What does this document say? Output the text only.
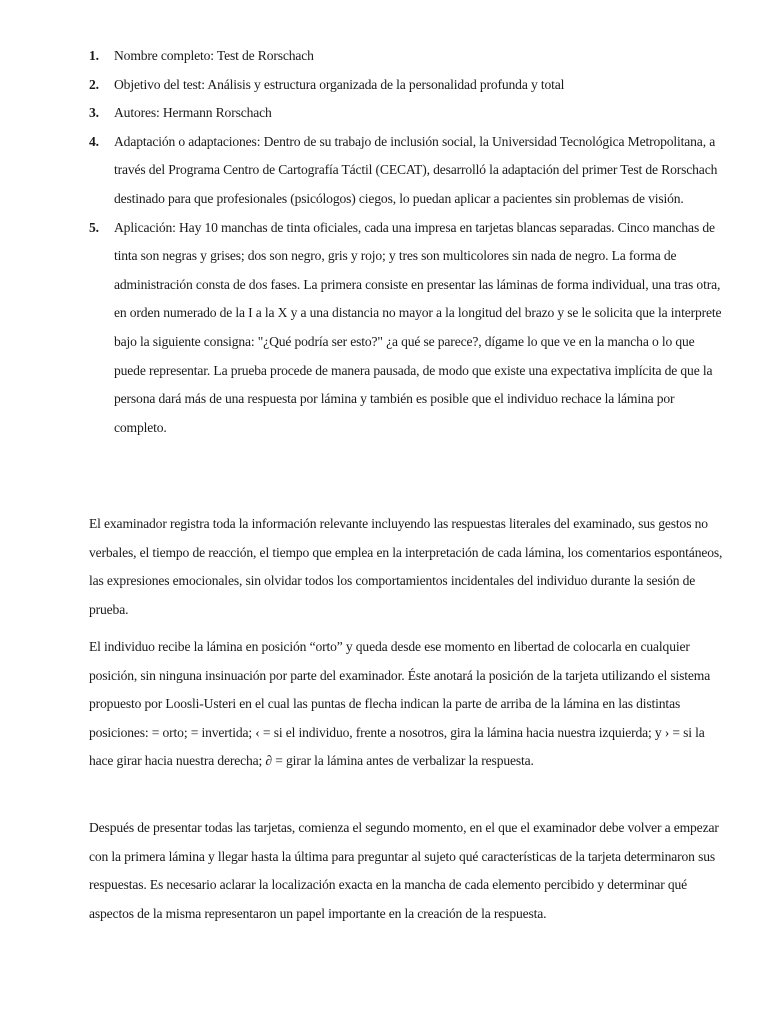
1. Nombre completo: Test de Rorschach
2. Objetivo del test: Análisis y estructura organizada de la personalidad profunda y total
3. Autores: Hermann Rorschach
4. Adaptación o adaptaciones: Dentro de su trabajo de inclusión social, la Universidad Tecnológica Metropolitana, a través del Programa Centro de Cartografía Táctil (CECAT), desarrolló la adaptación del primer Test de Rorschach destinado para que profesionales (psicólogos) ciegos, lo puedan aplicar a pacientes sin problemas de visión.
5. Aplicación: Hay 10 manchas de tinta oficiales, cada una impresa en tarjetas blancas separadas. Cinco manchas de tinta son negras y grises; dos son negro, gris y rojo; y tres son multicolores sin nada de negro. La forma de administración consta de dos fases. La primera consiste en presentar las láminas de forma individual, una tras otra, en orden numerado de la I a la X y a una distancia no mayor a la longitud del brazo y se le solicita que la interprete bajo la siguiente consigna: "¿Qué podría ser esto?" ¿a qué se parece?, dígame lo que ve en la mancha o lo que puede representar. La prueba procede de manera pausada, de modo que existe una expectativa implícita de que la persona dará más de una respuesta por lámina y también es posible que el individuo rechace la lámina por completo.

El examinador registra toda la información relevante incluyendo las respuestas literales del examinado, sus gestos no verbales, el tiempo de reacción, el tiempo que emplea en la interpretación de cada lámina, los comentarios espontáneos, las expresiones emocionales, sin olvidar todos los comportamientos incidentales del individuo durante la sesión de prueba.

El individuo recibe la lámina en posición “orto” y queda desde ese momento en libertad de colocarla en cualquier posición, sin ninguna insinuación por parte del examinador. Éste anotará la posición de la tarjeta utilizando el sistema propuesto por Loosli-Usteri en el cual las puntas de flecha indican la parte de arriba de la lámina en las distintas posiciones: = orto; = invertida; ‹ = si el individuo, frente a nosotros, gira la lámina hacia nuestra izquierda; y › = si la hace girar hacia nuestra derecha; ∂ = girar la lámina antes de verbalizar la respuesta.

Después de presentar todas las tarjetas, comienza el segundo momento, en el que el examinador debe volver a empezar con la primera lámina y llegar hasta la última para preguntar al sujeto qué características de la tarjeta determinaron sus respuestas. Es necesario aclarar la localización exacta en la mancha de cada elemento percibido y determinar qué aspectos de la misma representaron un papel importante en la creación de la respuesta.
